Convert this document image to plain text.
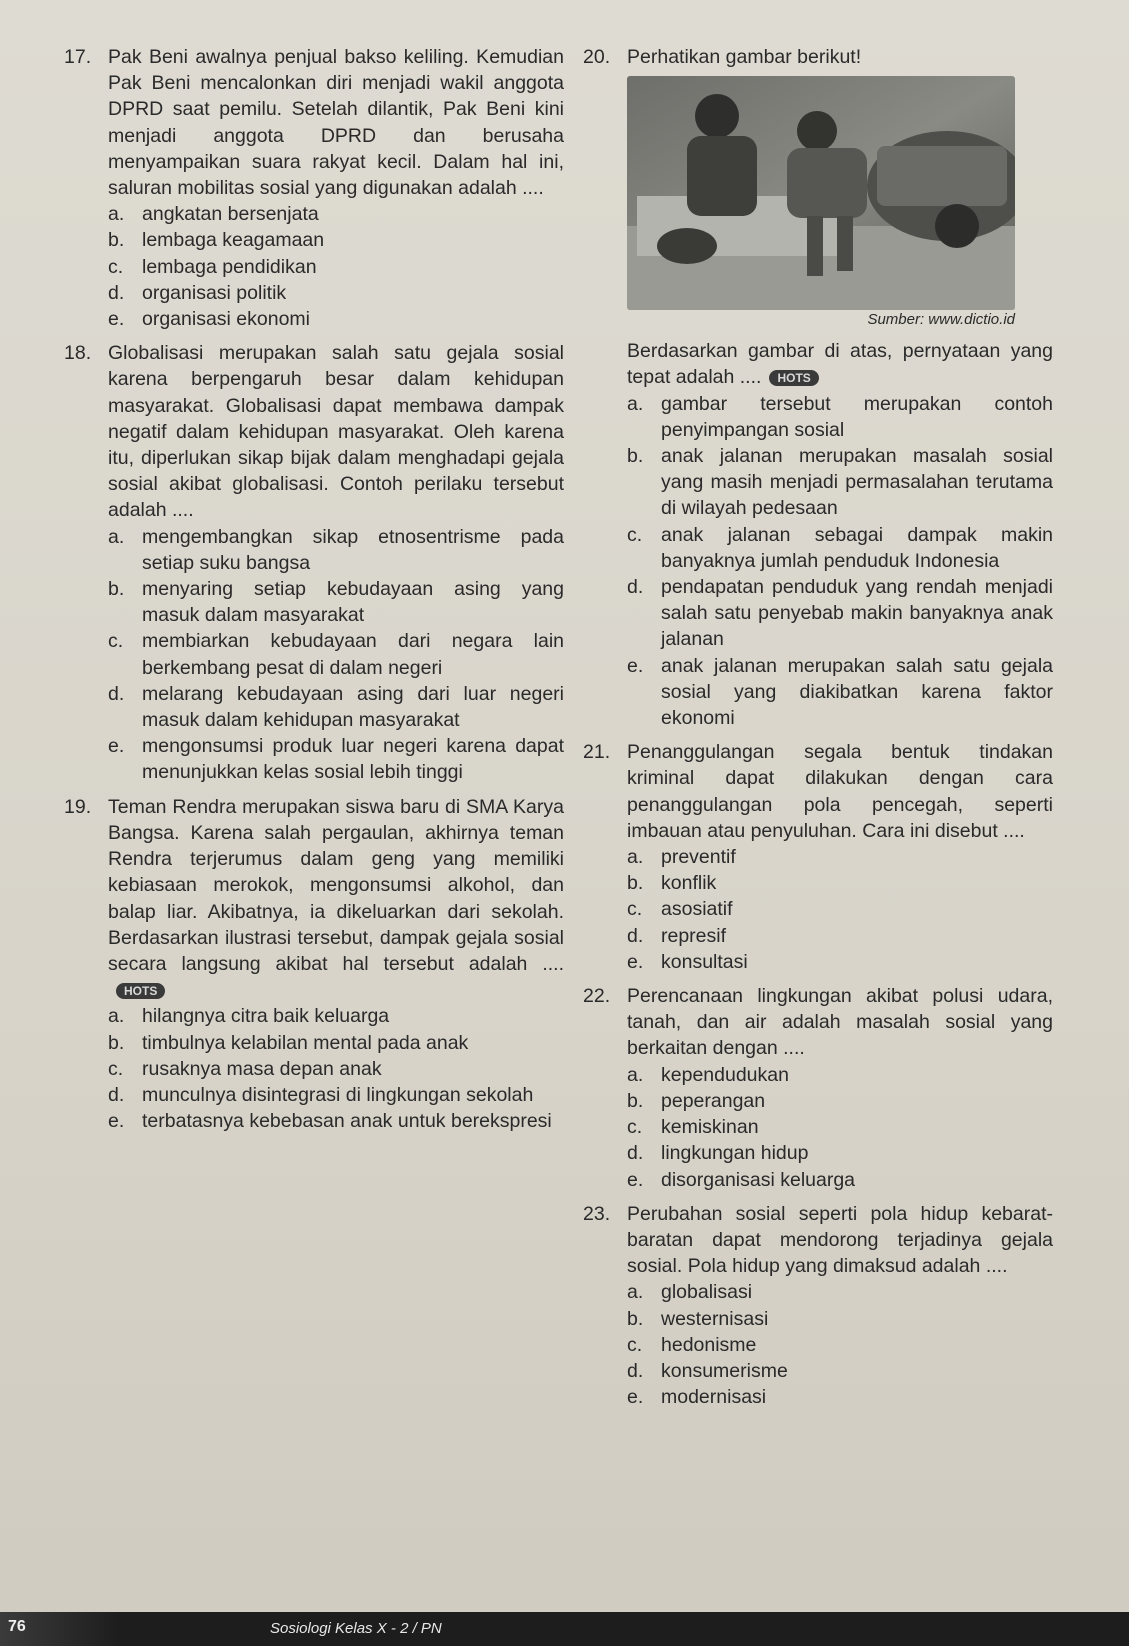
17. Pak Beni awalnya penjual bakso keliling. Kemudian Pak Beni mencalonkan diri menjadi wakil anggota DPRD saat pemilu. Setelah dilantik, Pak Beni kini menjadi anggota DPRD dan berusaha menyampaikan suara rakyat kecil. Dalam hal ini, saluran mobilitas sosial yang digunakan adalah ....
a. angkatan bersenjata
b. lembaga keagamaan
c. lembaga pendidikan
d. organisasi politik
e. organisasi ekonomi
18. Globalisasi merupakan salah satu gejala sosial karena berpengaruh besar dalam kehidupan masyarakat. Globalisasi dapat membawa dampak negatif dalam kehidupan masyarakat. Oleh karena itu, diperlukan sikap bijak dalam menghadapi gejala sosial akibat globalisasi. Contoh perilaku tersebut adalah ....
a. mengembangkan sikap etnosentrisme pada setiap suku bangsa
b. menyaring setiap kebudayaan asing yang masuk dalam masyarakat
c. membiarkan kebudayaan dari negara lain berkembang pesat di dalam negeri
d. melarang kebudayaan asing dari luar negeri masuk dalam kehidupan masyarakat
e. mengonsumsi produk luar negeri karena dapat menunjukkan kelas sosial lebih tinggi
19. Teman Rendra merupakan siswa baru di SMA Karya Bangsa. Karena salah pergaulan, akhirnya teman Rendra terjerumus dalam geng yang memiliki kebiasaan merokok, mengonsumsi alkohol, dan balap liar. Akibatnya, ia dikeluarkan dari sekolah. Berdasarkan ilustrasi tersebut, dampak gejala sosial secara langsung akibat hal tersebut adalah ....HOTS
a. hilangnya citra baik keluarga
b. timbulnya kelabilan mental pada anak
c. rusaknya masa depan anak
d. munculnya disintegrasi di lingkungan sekolah
e. terbatasnya kebebasan anak untuk berekspresi
20. Perhatikan gambar berikut!
Sumber: www.dictio.id
Berdasarkan gambar di atas, pernyataan yang tepat adalah .... HOTS
a. gambar tersebut merupakan contoh penyimpangan sosial
b. anak jalanan merupakan masalah sosial yang masih menjadi permasalahan terutama di wilayah pedesaan
c. anak jalanan sebagai dampak makin banyaknya jumlah penduduk Indonesia
d. pendapatan penduduk yang rendah menjadi salah satu penyebab makin banyaknya anak jalanan
e. anak jalanan merupakan salah satu gejala sosial yang diakibatkan karena faktor ekonomi
21. Penanggulangan segala bentuk tindakan kriminal dapat dilakukan dengan cara penanggulangan pola pencegah, seperti imbauan atau penyuluhan. Cara ini disebut ....
a. preventif
b. konflik
c. asosiatif
d. represif
e. konsultasi
22. Perencanaan lingkungan akibat polusi udara, tanah, dan air adalah masalah sosial yang berkaitan dengan ....
a. kependudukan
b. peperangan
c. kemiskinan
d. lingkungan hidup
e. disorganisasi keluarga
23. Perubahan sosial seperti pola hidup kebarat-baratan dapat mendorong terjadinya gejala sosial. Pola hidup yang dimaksud adalah ....
a. globalisasi
b. westernisasi
c. hedonisme
d. konsumerisme
e. modernisasi
76	Sosiologi Kelas X - 2 / PN
